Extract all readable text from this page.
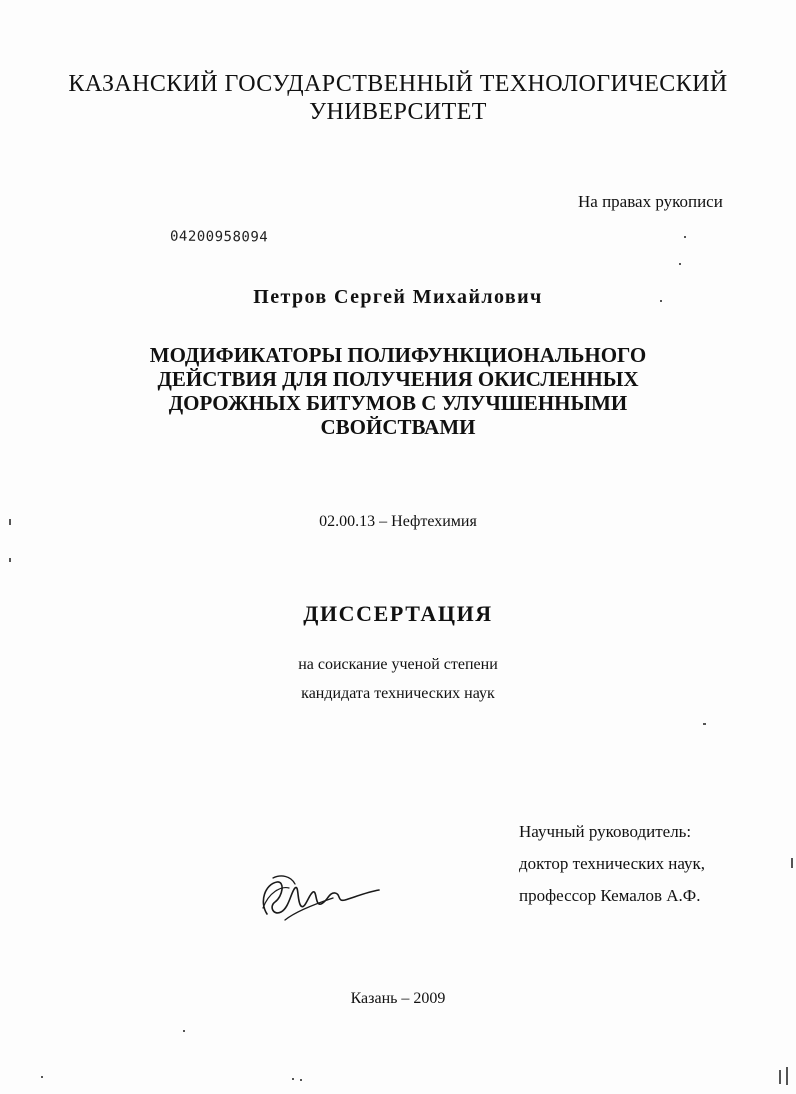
КАЗАНСКИЙ ГОСУДАРСТВЕННЫЙ ТЕХНОЛОГИЧЕСКИЙ
УНИВЕРСИТЕТ
На правах рукописи
04200958094
Петров Сергей Михайлович
МОДИФИКАТОРЫ ПОЛИФУНКЦИОНАЛЬНОГО
ДЕЙСТВИЯ ДЛЯ ПОЛУЧЕНИЯ ОКИСЛЕННЫХ
ДОРОЖНЫХ БИТУМОВ С УЛУЧШЕННЫМИ
СВОЙСТВАМИ
02.00.13 – Нефтехимия
ДИССЕРТАЦИЯ
на соискание ученой степени
кандидата технических наук
Научный руководитель:
доктор технических наук,
профессор Кемалов А.Ф.
Казань – 2009
